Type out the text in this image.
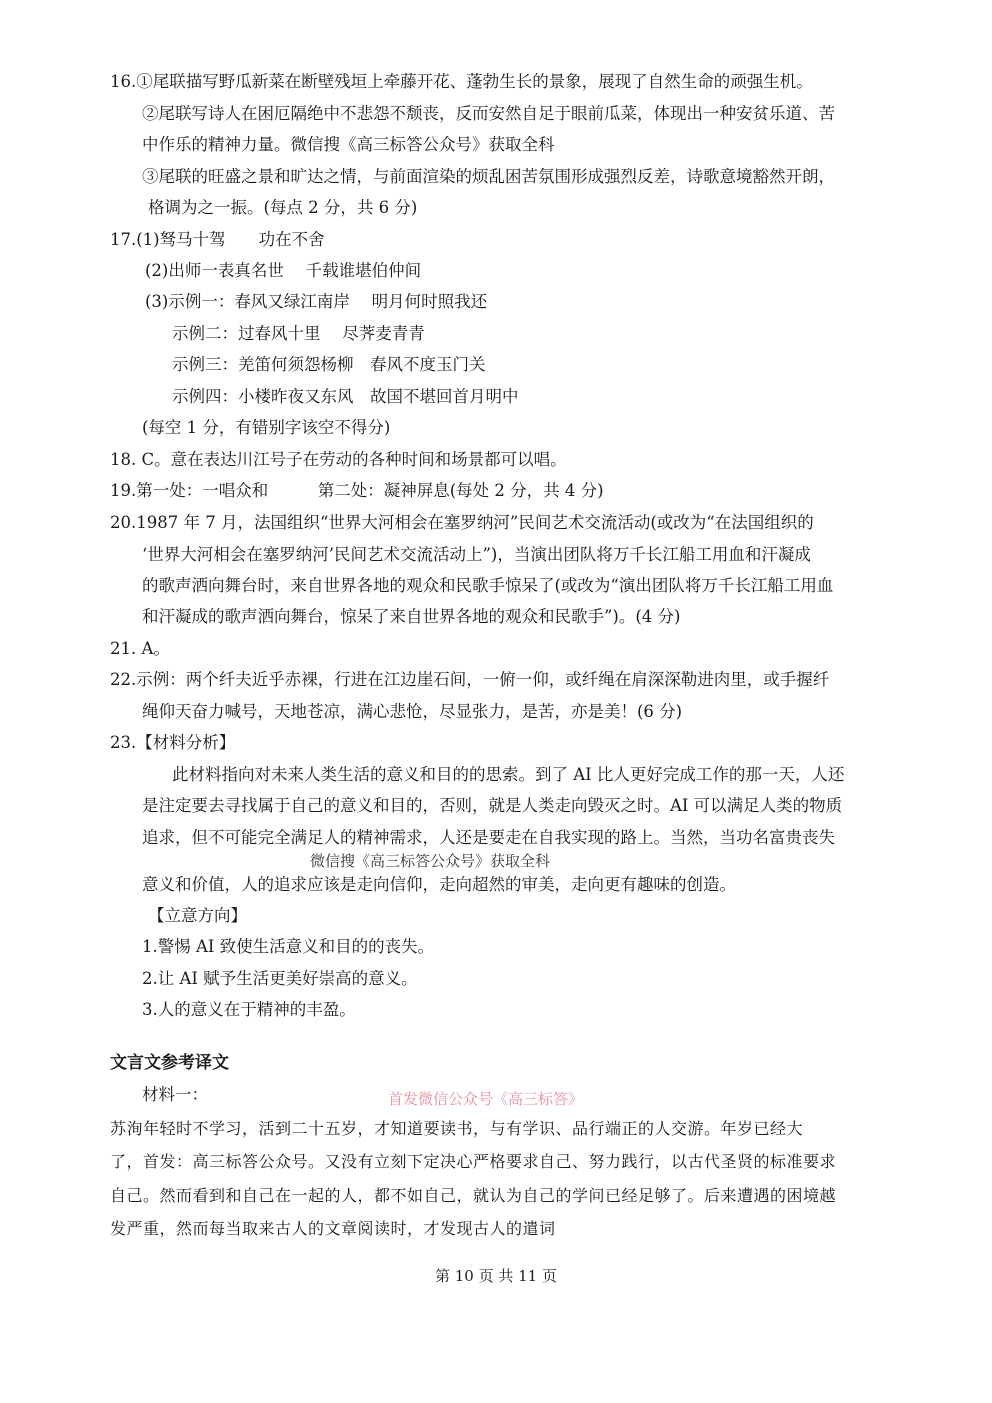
16.①尾联描写野瓜新菜在断壁残垣上牵藤开花、蓬勃生长的景象，展现了自然生命的顽强生机。
②尾联写诗人在困厄隔绝中不悲怨不颓丧，反而安然自足于眼前瓜菜，体现出一种安贫乐道、苦
中作乐的精神力量。微信搜《高三标答公众号》获取全科
③尾联的旺盛之景和旷达之情，与前面渲染的烦乱困苦氛围形成强烈反差，诗歌意境豁然开朗，
格调为之一振。(每点 2 分，共 6 分)
17.(1)驽马十驾　　功在不舍
(2)出师一表真名世　 千载谁堪伯仲间
(3)示例一：春风又绿江南岸　 明月何时照我还
示例二：过春风十里　 尽荠麦青青
示例三：羌笛何须怨杨柳　春风不度玉门关
示例四：小楼昨夜又东风　故国不堪回首月明中
(每空 1 分，有错别字该空不得分)
18. C。意在表达川江号子在劳动的各种时间和场景都可以唱。
19.第一处：一唱众和　　　第二处：凝神屏息(每处 2 分，共 4 分)
20.1987 年 7 月，法国组织“世界大河相会在塞罗纳河”民间艺术交流活动(或改为“在法国组织的
‘世界大河相会在塞罗纳河’民间艺术交流活动上”)，当演出团队将万千长江船工用血和汗凝成
的歌声洒向舞台时，来自世界各地的观众和民歌手惊呆了(或改为“演出团队将万千长江船工用血
和汗凝成的歌声洒向舞台，惊呆了来自世界各地的观众和民歌手”)。(4 分)
21. A。
22.示例：两个纤夫近乎赤裸，行进在江边崖石间，一俯一仰，或纤绳在肩深深勒进肉里，或手握纤
绳仰天奋力喊号，天地苍凉，满心悲怆，尽显张力，是苦，亦是美！(6 分)
23.【材料分析】
此材料指向对未来人类生活的意义和目的的思索。到了 AI 比人更好完成工作的那一天，人还
是注定要去寻找属于自己的意义和目的，否则，就是人类走向毁灭之时。AI 可以满足人类的物质
追求，但不可能完全满足人的精神需求，人还是要走在自我实现的路上。当然，当功名富贵丧失
微信搜《高三标答公众号》获取全科
意义和价值，人的追求应该是走向信仰，走向超然的审美，走向更有趣味的创造。
【立意方向】
1.警惕 AI 致使生活意义和目的的丧失。
2.让 AI 赋予生活更美好崇高的意义。
3.人的意义在于精神的丰盈。
文言文参考译文
材料一：	首发微信公众号《高三标答》
苏洵年轻时不学习，活到二十五岁，才知道要读书，与有学识、品行端正的人交游。年岁已经大
了，首发：高三标答公众号。又没有立刻下定决心严格要求自己、努力践行，以古代圣贤的标准要求
自己。然而看到和自己在一起的人，都不如自己，就认为自己的学问已经足够了。后来遭遇的困境越
发严重，然而每当取来古人的文章阅读时，才发现古人的遣词
第 10 页 共 11 页
